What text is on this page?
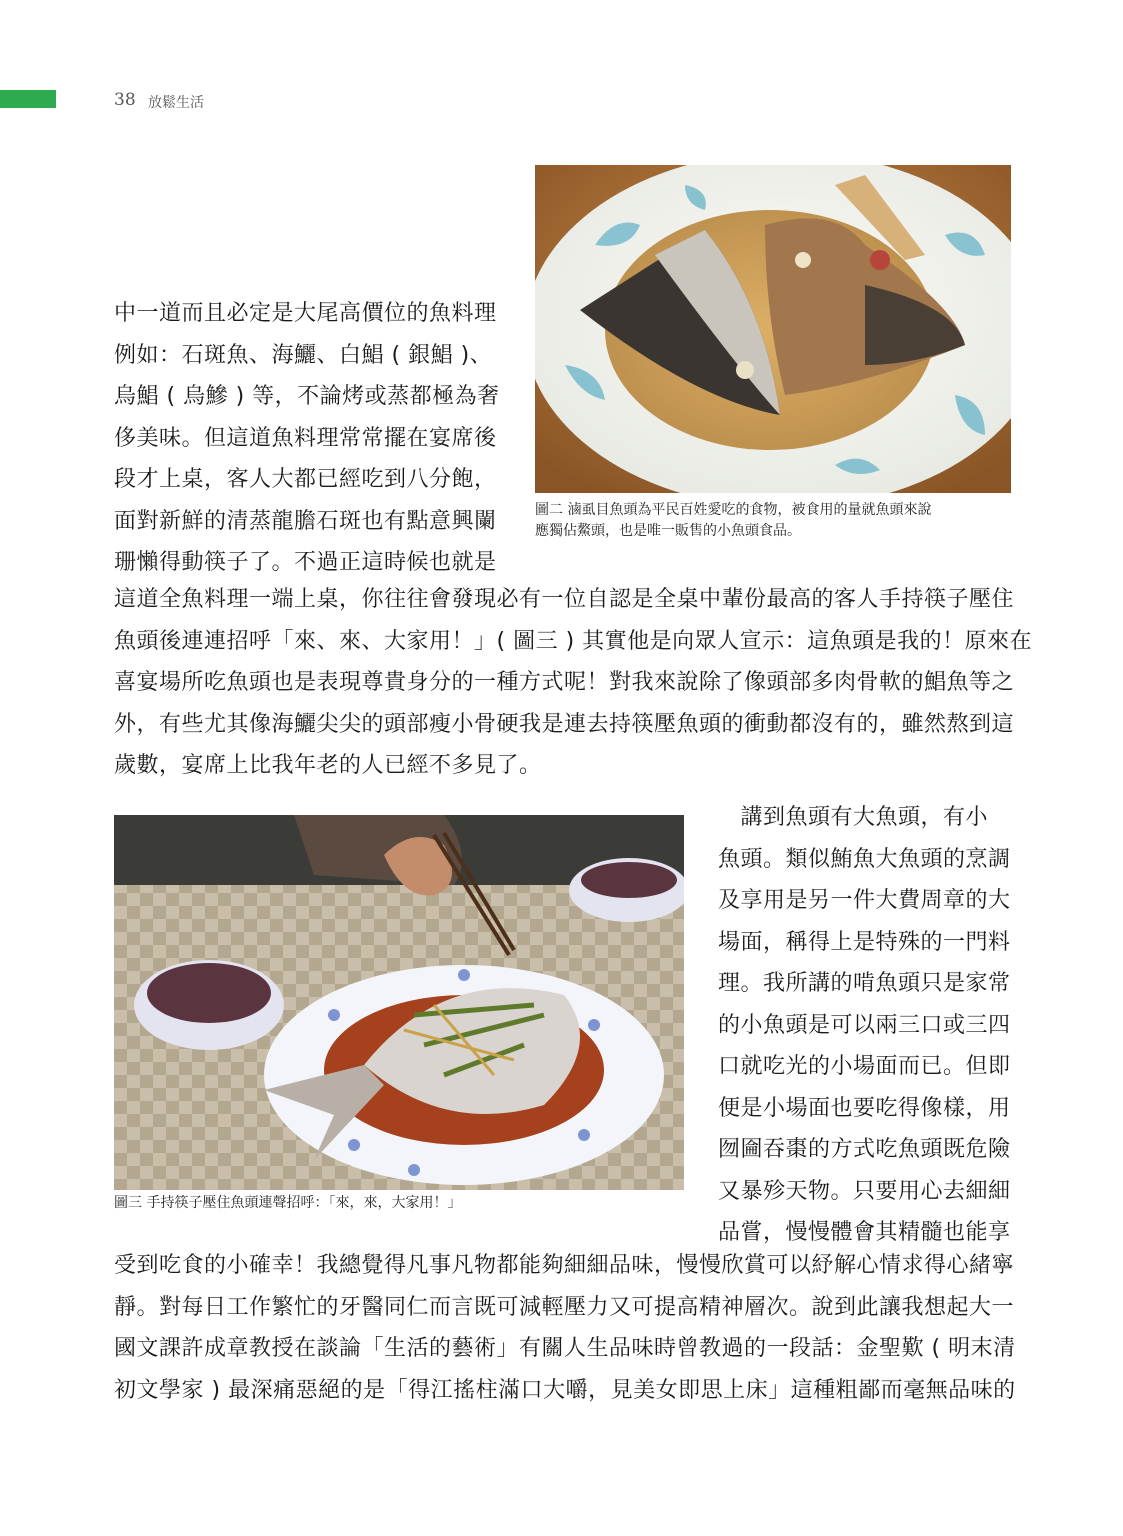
38 放鬆生活
圖二 滷虱目魚頭為平民百姓愛吃的食物，被食用的量就魚頭來說
應獨佔鰲頭，也是唯一販售的小魚頭食品。
中一道而且必定是大尾高價位的魚料理
例如：石斑魚、海鱺、白鯧 ( 銀鯧 )、
烏鯧 ( 烏鰺 ) 等，不論烤或蒸都極為奢
侈美味。但這道魚料理常常擺在宴席後
段才上桌，客人大都已經吃到八分飽，
面對新鮮的清蒸龍膽石斑也有點意興闌
珊懶得動筷子了。不過正這時候也就是
這道全魚料理一端上桌，你往往會發現必有一位自認是全桌中輩份最高的客人手持筷子壓住
魚頭後連連招呼「來、來、大家用！」( 圖三 ) 其實他是向眾人宣示：這魚頭是我的！原來在
喜宴場所吃魚頭也是表現尊貴身分的一種方式呢！對我來說除了像頭部多肉骨軟的鯧魚等之
外，有些尤其像海鱺尖尖的頭部瘦小骨硬我是連去持筷壓魚頭的衝動都沒有的，雖然熬到這
歲數，宴席上比我年老的人已經不多見了。
圖三 手持筷子壓住魚頭連聲招呼：「來，來，大家用！」
　講到魚頭有大魚頭，有小
魚頭。類似鮪魚大魚頭的烹調
及享用是另一件大費周章的大
場面，稱得上是特殊的一門料
理。我所講的啃魚頭只是家常
的小魚頭是可以兩三口或三四
口就吃光的小場面而已。但即
便是小場面也要吃得像樣，用
囫圇吞棗的方式吃魚頭既危險
又暴殄天物。只要用心去細細
品嘗，慢慢體會其精髓也能享
受到吃食的小確幸！我總覺得凡事凡物都能夠細細品味，慢慢欣賞可以紓解心情求得心緒寧
靜。對每日工作繁忙的牙醫同仁而言既可減輕壓力又可提高精神層次。說到此讓我想起大一
國文課許成章教授在談論「生活的藝術」有關人生品味時曾教過的一段話：金聖歎 ( 明末清
初文學家 ) 最深痛惡絕的是「得江搖柱滿口大嚼，見美女即思上床」這種粗鄙而毫無品味的
